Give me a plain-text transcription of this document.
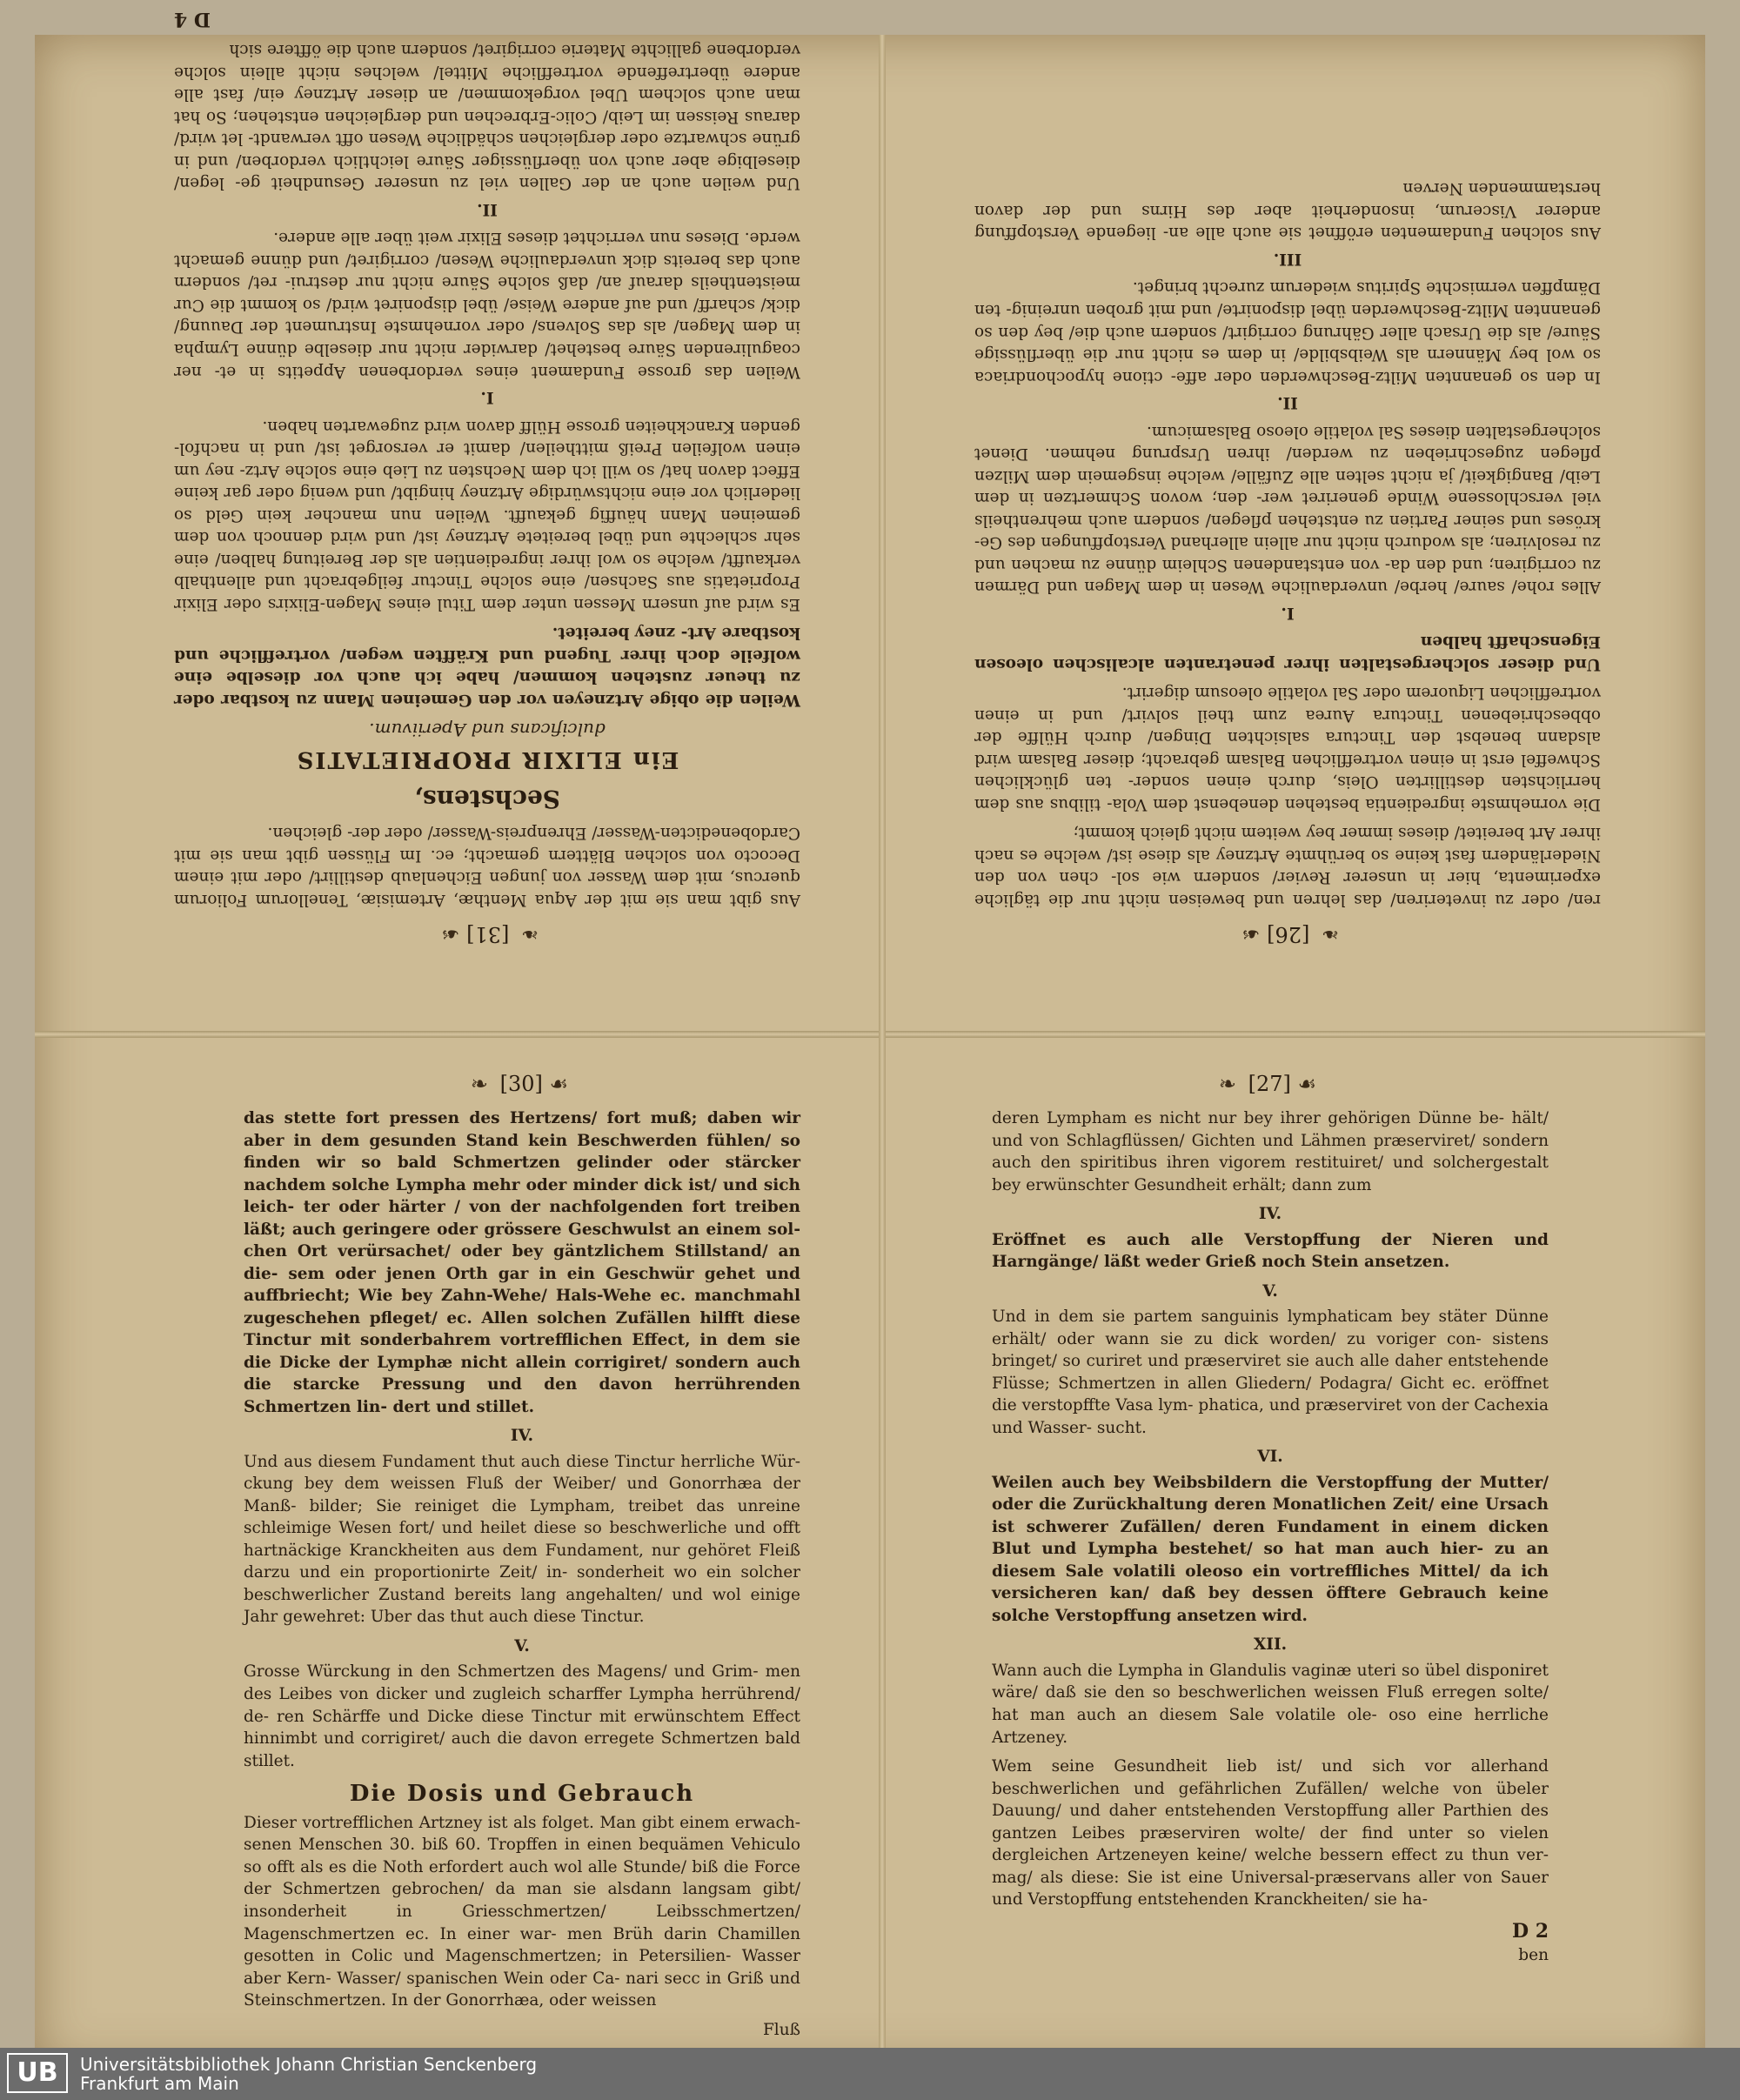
❧ [31] ☙

Aus gibt man sie mit der Aqua Menthæ, Artemisiæ, Tenellorum Foliorum quercus, mit dem Wasser von jungen Eichenlaub destillirt/ oder mit einem Decocto von solchen Blättern gemacht; ec. Im Flüssen gibt man sie mit Cardobenedicten-Wasser/ Ehrenpreis-Wasser/ oder der- gleichen.

Sechstens,
Ein ELIXIR PROPRIETATIS
dulcificans und Aperiivum.

Weilen die obige Artzneyen vor den Gemeinen Mann zu kostbar oder zu theuer zustehen kommen/ habe ich auch vor dieselbe eine wolfeile doch ihrer Tugend und Kräfften wegen/ vortreffliche und kostbare Art- zney bereitet.

Es wird auf unsern Messen unter dem Titul eines Magen-Elixirs oder Elixir Proprietatis aus Sachsen/ eine solche Tinctur feilgebracht und allenthalb verkaufft/ welche so wol ihrer ingredientien als der Bereitung halben/ eine sehr schlechte und übel bereitete Artzney ist/ und wird dennoch von dem gemeinen Mann häuffig gekaufft. Weilen nun mancher kein Geld so liederlich vor eine nichtswürdige Artzney hingibt/ und wenig oder gar keine Effect davon hat/ so will ich dem Nechsten zu Lieb eine solche Artz- ney um einen wolfeilen Preiß mittheilen/ damit er versorget ist/ und in nachfol- genden Kranckheiten grosse Hülff davon wird zugewarten haben.

I.

Weilen das grosse Fundament eines verdorbenen Appetits in et- ner coagulirenden Säure bestehet/ darwider nicht nur dieselbe dünne Lympha in dem Magen/ als das Solvens/ oder vornehmste Instrument der Dauung/ dick/ scharff/ und auf andere Weise/ übel disponiret wird/ so kommt die Cur meistentheils darauf an/ daß solche Säure nicht nur destrui- ret/ sondern auch das bereits dick unverdauliche Wesen/ corrigiret/ und dünne gemacht werde. Dieses nun verrichtet dieses Elixir weit über alle andere.

II.

Und weilen auch an der Gallen viel zu unserer Gesundheit ge- legen/ dieselbige aber auch von überflüssiger Säure leichtlich verdorben/ und in grüne schwartze oder dergleichen schädliche Wesen offt verwandt- let wird/ daraus Reissen im Leib/ Colic-Erbrechen und dergleichen entstehen; So hat man auch solchem Ubel vorgekommen/ an dieser Artzney ein/ fast alle andere übertreffende vortreffliche Mittel/ welches nicht allein solche verdorbene gallichte Materie corrigiret/ sondern auch die öfftere sich

D 4
❧ [26] ☙

ren/ oder zu inveteriren/ das lehren und beweisen nicht nur die tägliche experimenta, hier in unserer Revier/ sondern wie sol- chen von den Niederländern fast keine so berühmte Artzney als diese ist/ welche es nach ihrer Art bereitet/ dieses immer bey weitem nicht gleich kommt;

Die vornehmste ingredientia bestehen denebenst dem Vola- tilibus aus dem herrlichsten destillirten Oleis, durch einen sonder- ten glücklichen Schweffel erst in einen vortrefflichen Balsam gebracht; dieser Balsam wird alsdann benebst den Tinctura salsichten Dingen/ durch Hülffe der obbeschriebenen Tinctura Aurea zum theil solvirt/ und in einen vortrefflichen Liquorem oder Sal volatile oleosum digerirt.

Und dieser solchergestalten ihrer penetranten alcalischen oleosen Eigenschafft halben

I.

Alles rohe/ saure/ herbe/ unverdauliche Wesen in dem Magen und Därmen zu corrigiren; und den da- von entstandenen Schleim dünne zu machen und zu resolviren; als wodurch nicht nur allein allerhand Verstopffungen des Ge- kröses und seiner Partien zu entstehen pflegen/ sondern auch mehrentheils viel verschlossene Winde generiret wer- den; wovon Schmertzen in dem Leib/ Bangigkeit/ ja nicht selten alle Zufälle/ welche insgemein dem Milzen pflegen zugeschrieben zu werden/ ihren Ursprung nehmen. Dienet solchergestalten dieses Sal volatile oleoso Balsamicum.

II.

In den so genannten Miltz-Beschwerden oder affe- ctione hypochondriaca so wol bey Männern als Weibsbilde/ in dem es nicht nur die überflüssige Säure/ als die Ursach aller Gährung corrigirt/ sondern auch die/ bey den so genannten Miltz-Beschwerden übel disponirte/ und mit groben unreinig- ten Dämpffen vermischte Spiritus wiederum zurecht bringet.

III.

Aus solchen Fundamenten eröffnet sie auch alle an- liegende Verstopffung anderer Viscerum, insonderheit aber des Hirns und der davon herstammenden Nerven

❧ [30] ☙

das stette fort pressen des Hertzens/ fort muß; daben wir aber in dem gesunden Stand kein Beschwerden fühlen/ so finden wir so bald Schmertzen gelinder oder stärcker nachdem solche Lympha mehr oder minder dick ist/ und sich leich- ter oder härter / von der nachfolgenden fort treiben läßt; auch geringere oder grössere Geschwulst an einem sol- chen Ort verürsachet/ oder bey gäntzlichem Stillstand/ an die- sem oder jenen Orth gar in ein Geschwür gehet und auffbriecht; Wie bey Zahn-Wehe/ Hals-Wehe ec. manchmahl zugeschehen pfleget/ ec. Allen solchen Zufällen hilfft diese Tinctur mit sonderbahrem vortrefflichen Effect, in dem sie die Dicke der Lymphæ nicht allein corrigiret/ sondern auch die starcke Pressung und den davon herrührenden Schmertzen lin- dert und stillet.

IV.

Und aus diesem Fundament thut auch diese Tinctur herrliche Wür- ckung bey dem weissen Fluß der Weiber/ und Gonorrhæa der Manß- bilder; Sie reiniget die Lympham, treibet das unreine schleimige Wesen fort/ und heilet diese so beschwerliche und offt hartnäckige Kranckheiten aus dem Fundament, nur gehöret Fleiß darzu und ein proportionirte Zeit/ in- sonderheit wo ein solcher beschwerlicher Zustand bereits lang angehalten/ und wol einige Jahr gewehret: Uber das thut auch diese Tinctur.

V.

Grosse Würckung in den Schmertzen des Magens/ und Grim- men des Leibes von dicker und zugleich scharffer Lympha herrührend/ de- ren Schärffe und Dicke diese Tinctur mit erwünschtem Effect hinnimbt und corrigiret/ auch die davon erregete Schmertzen bald stillet.

Die Dosis und Gebrauch

Dieser vortrefflichen Artzney ist als folget. Man gibt einem erwach- senen Menschen 30. biß 60. Tropffen in einen bequämen Vehiculo so offt als es die Noth erfordert auch wol alle Stunde/ biß die Force der Schmertzen gebrochen/ da man sie alsdann langsam gibt/ insonderheit in Griesschmertzen/ Leibsschmertzen/ Magenschmertzen ec. In einer war- men Brüh darin Chamillen gesotten in Colic und Magenschmertzen; in Petersilien- Wasser aber Kern- Wasser/ spanischen Wein oder Ca- nari secc in Griß und Steinschmertzen. In der Gonorrhæa, oder weissen

Fluß
❧ [27] ☙

deren Lympham es nicht nur bey ihrer gehörigen Dünne be- hält/ und von Schlagflüssen/ Gichten und Lähmen præserviret/ sondern auch den spiritibus ihren vigorem restituiret/ und solchergestalt bey erwünschter Gesundheit erhält; dann zum

IV.

Eröffnet es auch alle Verstopffung der Nieren und Harngänge/ läßt weder Grieß noch Stein ansetzen.

V.

Und in dem sie partem sanguinis lymphaticam bey stäter Dünne erhält/ oder wann sie zu dick worden/ zu voriger con- sistens bringet/ so curiret und præserviret sie auch alle daher entstehende Flüsse; Schmertzen in allen Gliedern/ Podagra/ Gicht ec. eröffnet die verstopffte Vasa lym- phatica, und præserviret von der Cachexia und Wasser- sucht.

VI.

Weilen auch bey Weibsbildern die Verstopffung der Mutter/ oder die Zurückhaltung deren Monatlichen Zeit/ eine Ursach ist schwerer Zufällen/ deren Fundament in einem dicken Blut und Lympha bestehet/ so hat man auch hier- zu an diesem Sale volatili oleoso ein vortreffliches Mittel/ da ich versicheren kan/ daß bey dessen öfftere Gebrauch keine solche Verstopffung ansetzen wird.

XII.

Wann auch die Lympha in Glandulis vaginæ uteri so übel disponiret wäre/ daß sie den so beschwerlichen weissen Fluß erregen solte/ hat man auch an diesem Sale volatile ole- oso eine herrliche Artzeney.

Wem seine Gesundheit lieb ist/ und sich vor allerhand beschwerlichen und gefährlichen Zufällen/ welche von übeler Dauung/ und daher entstehenden Verstopffung aller Parthien des gantzen Leibes præserviren wolte/ der find unter so vielen dergleichen Artzeneyen keine/ welche bessern effect zu thun ver- mag/ als diese: Sie ist eine Universal-præservans aller von Sauer und Verstopffung entstehenden Kranckheiten/ sie ha-

D 2
ben
UB	Universitätsbibliothek Johann Christian Senckenberg
Frankfurt am Main
